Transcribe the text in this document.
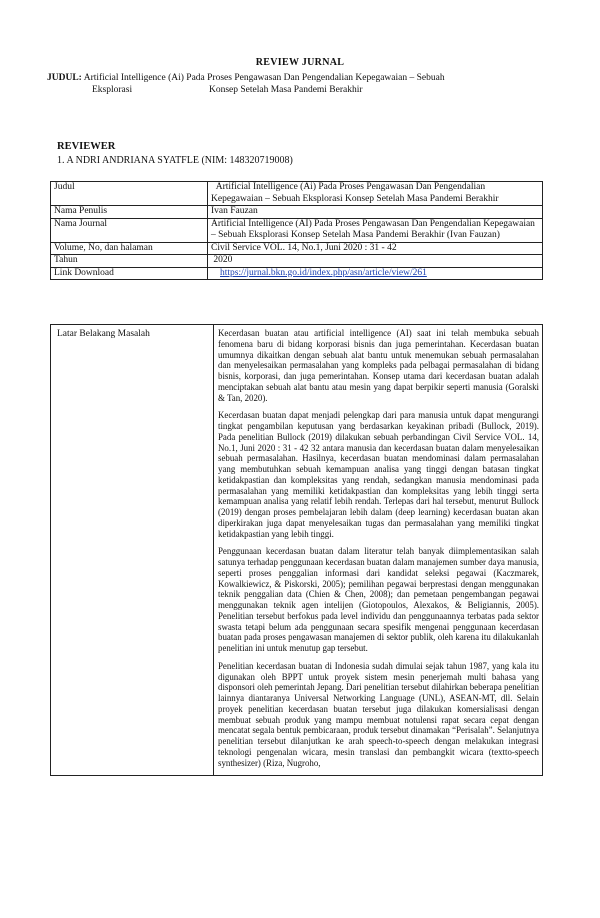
REVIEW JURNAL
JUDUL: Artificial Intelligence (Ai) Pada Proses Pengawasan Dan Pengendalian Kepegawaian – Sebuah
Eksplorasi	Konsep Setelah Masa Pandemi Berakhir
REVIEWER
1. A NDRI ANDRIANA SYATFLE (NIM: 148320719008)
Judul	Artificial Intelligence (Ai) Pada Proses Pengawasan Dan Pengendalian Kepegawaian – Sebuah Eksplorasi Konsep Setelah Masa Pandemi Berakhir
Nama Penulis	Ivan Fauzan
Nama Journal	Artificial Intelligence (AI) Pada Proses Pengawasan Dan Pengendalian Kepegawaian – Sebuah Eksplorasi Konsep Setelah Masa Pandemi Berakhir (Ivan Fauzan)
Volume, No, dan halaman	Civil Service VOL. 14, No.1, Juni 2020 : 31 - 42
Tahun	2020
Link Download	https://jurnal.bkn.go.id/index.php/asn/article/view/261
Latar Belakang Masalah	Kecerdasan buatan atau artificial intelligence (AI) saat ini telah membuka sebuah fenomena baru di bidang korporasi bisnis dan juga pemerintahan. Kecerdasan buatan umumnya dikaitkan dengan sebuah alat bantu untuk menemukan sebuah permasalahan dan menyelesaikan permasalahan yang kompleks pada pelbagai permasalahan di bidang bisnis, korporasi, dan juga pemerintahan. Konsep utama dari kecerdasan buatan adalah menciptakan sebuah alat bantu atau mesin yang dapat berpikir seperti manusia (Goralski & Tan, 2020).

Kecerdasan buatan dapat menjadi pelengkap dari para manusia untuk dapat mengurangi tingkat pengambilan keputusan yang berdasarkan keyakinan pribadi (Bullock, 2019). Pada penelitian Bullock (2019) dilakukan sebuah perbandingan Civil Service VOL. 14, No.1, Juni 2020 : 31 - 42 32 antara manusia dan kecerdasan buatan dalam menyelesaikan sebuah permasalahan. Hasilnya, kecerdasan buatan mendominasi dalam permasalahan yang membutuhkan sebuah kemampuan analisa yang tinggi dengan batasan tingkat ketidakpastian dan kompleksitas yang rendah, sedangkan manusia mendominasi pada permasalahan yang memiliki ketidakpastian dan kompleksitas yang lebih tinggi serta kemampuan analisa yang relatif lebih rendah. Terlepas dari hal tersebut, menurut Bullock (2019) dengan proses pembelajaran lebih dalam (deep learning) kecerdasan buatan akan diperkirakan juga dapat menyelesaikan tugas dan permasalahan yang memiliki tingkat ketidakpastian yang lebih tinggi.

Penggunaan kecerdasan buatan dalam literatur telah banyak diimplementasikan salah satunya terhadap penggunaan kecerdasan buatan dalam manajemen sumber daya manusia, seperti proses penggalian informasi dari kandidat seleksi pegawai (Kaczmarek, Kowalkiewicz, & Piskorski, 2005); pemilihan pegawai berprestasi dengan menggunakan teknik penggalian data (Chien & Chen, 2008); dan pemetaan pengembangan pegawai menggunakan teknik agen intelijen (Giotopoulos, Alexakos, & Beligiannis, 2005). Penelitian tersebut berfokus pada level individu dan penggunaannya terbatas pada sektor swasta tetapi belum ada penggunaan secara spesifik mengenai penggunaan kecerdasan buatan pada proses pengawasan manajemen di sektor publik, oleh karena itu dilakukanlah penelitian ini untuk menutup gap tersebut.

Penelitian kecerdasan buatan di Indonesia sudah dimulai sejak tahun 1987, yang kala itu digunakan oleh BPPT untuk proyek sistem mesin penerjemah multi bahasa yang disponsori oleh pemerintah Jepang. Dari penelitian tersebut dilahirkan beberapa penelitian lainnya diantaranya Universal Networking Language (UNL), ASEAN-MT, dll. Selain proyek penelitian kecerdasan buatan tersebut juga dilakukan komersialisasi dengan membuat sebuah produk yang mampu membuat notulensi rapat secara cepat dengan mencatat segala bentuk pembicaraan, produk tersebut dinamakan “Perisalah”. Selanjutnya penelitian tersebut dilanjutkan ke arah speech-to-speech dengan melakukan integrasi teknologi pengenalan wicara, mesin translasi dan pembangkit wicara (textto-speech synthesizer) (Riza, Nugroho,
